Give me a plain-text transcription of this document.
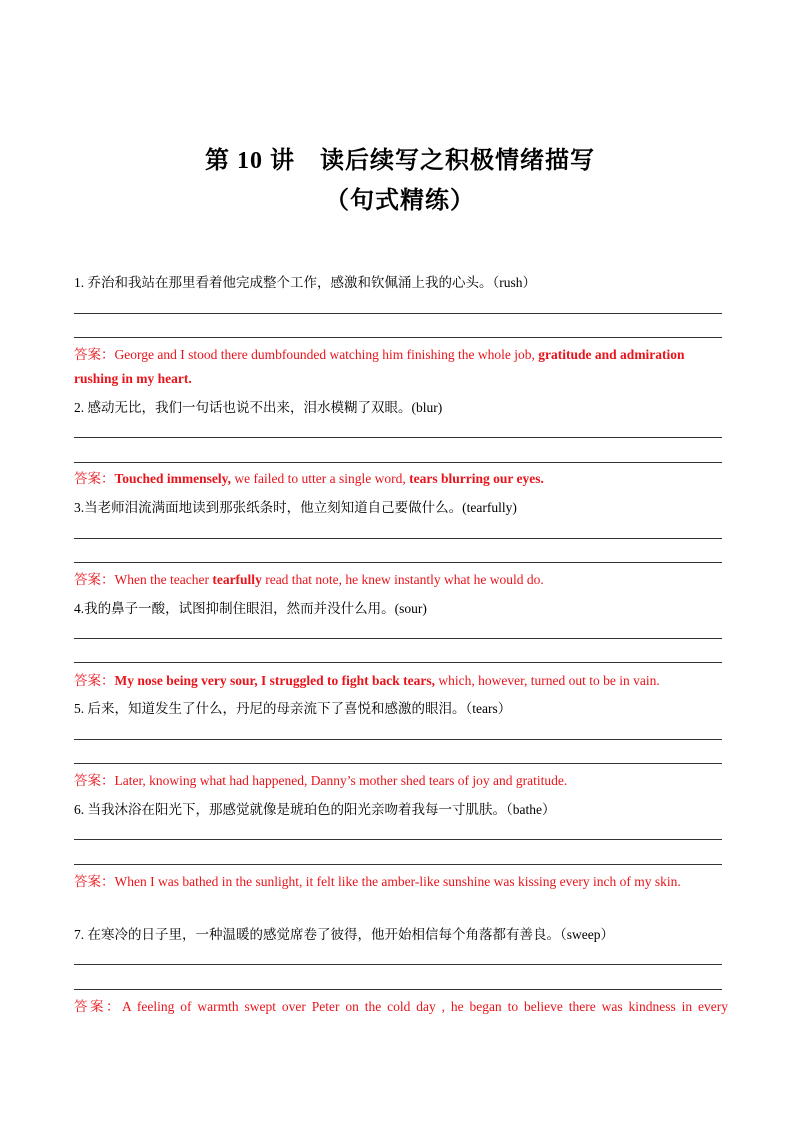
第 10 讲　读后续写之积极情绪描写
（句式精练）
1. 乔治和我站在那里看着他完成整个工作，感激和钦佩涌上我的心头。（rush）
答案：George and I stood there dumbfounded watching him finishing the whole job, gratitude and admiration rushing in my heart.
2. 感动无比，我们一句话也说不出来，泪水模糊了双眼。(blur)
答案：Touched immensely, we failed to utter a single word, tears blurring our eyes.
3.当老师泪流满面地读到那张纸条时，他立刻知道自己要做什么。(tearfully)
答案：When the teacher tearfully read that note, he knew instantly what he would do.
4.我的鼻子一酸，试图抑制住眼泪，然而并没什么用。(sour)
答案：My nose being very sour, I struggled to fight back tears, which, however, turned out to be in vain.
5. 后来，知道发生了什么，丹尼的母亲流下了喜悦和感激的眼泪。（tears）
答案：Later, knowing what had happened, Danny’s mother shed tears of joy and gratitude.
6. 当我沐浴在阳光下，那感觉就像是琥珀色的阳光亲吻着我每一寸肌肤。（bathe）
答案：When I was bathed in the sunlight, it felt like the amber-like sunshine was kissing every inch of my skin.
7. 在寒冷的日子里，一种温暖的感觉席卷了彼得，他开始相信每个角落都有善良。（sweep）
答案：A feeling of warmth swept over Peter on the cold day , he began to believe there was kindness in every
